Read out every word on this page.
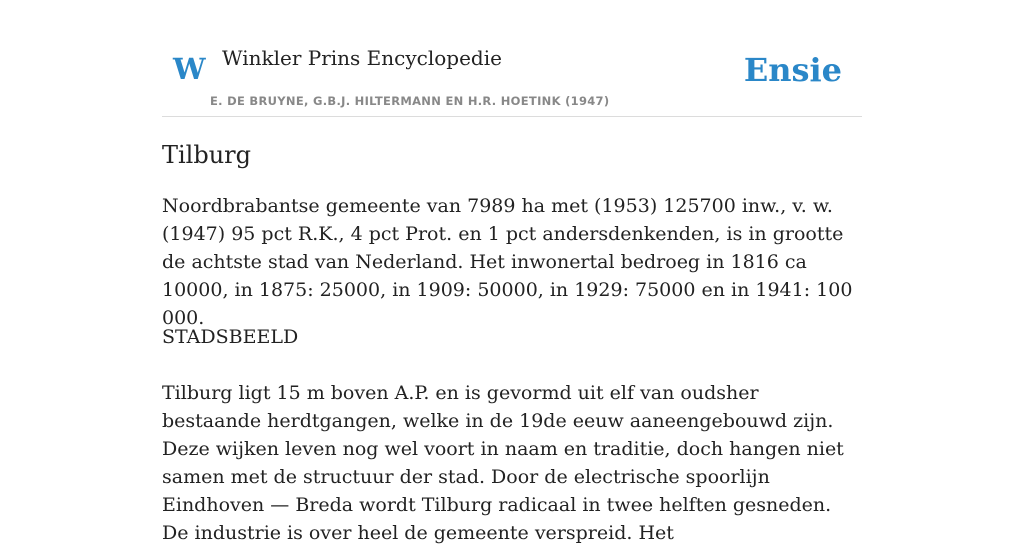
W Winkler Prins Encyclopedie
E. DE BRUYNE, G.B.J. HILTERMANN EN H.R. HOETINK (1947)
Ensie
Tilburg

Noordbrabantse gemeente van 7989 ha met (1953) 125700 inw., v. w. (1947) 95 pct R.K., 4 pct Prot. en 1 pct andersdenkenden, is in grootte de achtste stad van Nederland. Het inwonertal bedroeg in 1816 ca 10000, in 1875: 25000, in 1909: 50000, in 1929: 75000 en in 1941: 100 000.

STADSBEELD

Tilburg ligt 15 m boven A.P. en is gevormd uit elf van oudsher bestaande herdtgangen, welke in de 19de eeuw aaneengebouwd zijn. Deze wijken leven nog wel voort in naam en traditie, doch hangen niet samen met de structuur der stad. Door de electrische spoorlijn Eindhoven — Breda wordt Tilburg radicaal in twee helften gesneden. De industrie is over heel de gemeente verspreid. Het
